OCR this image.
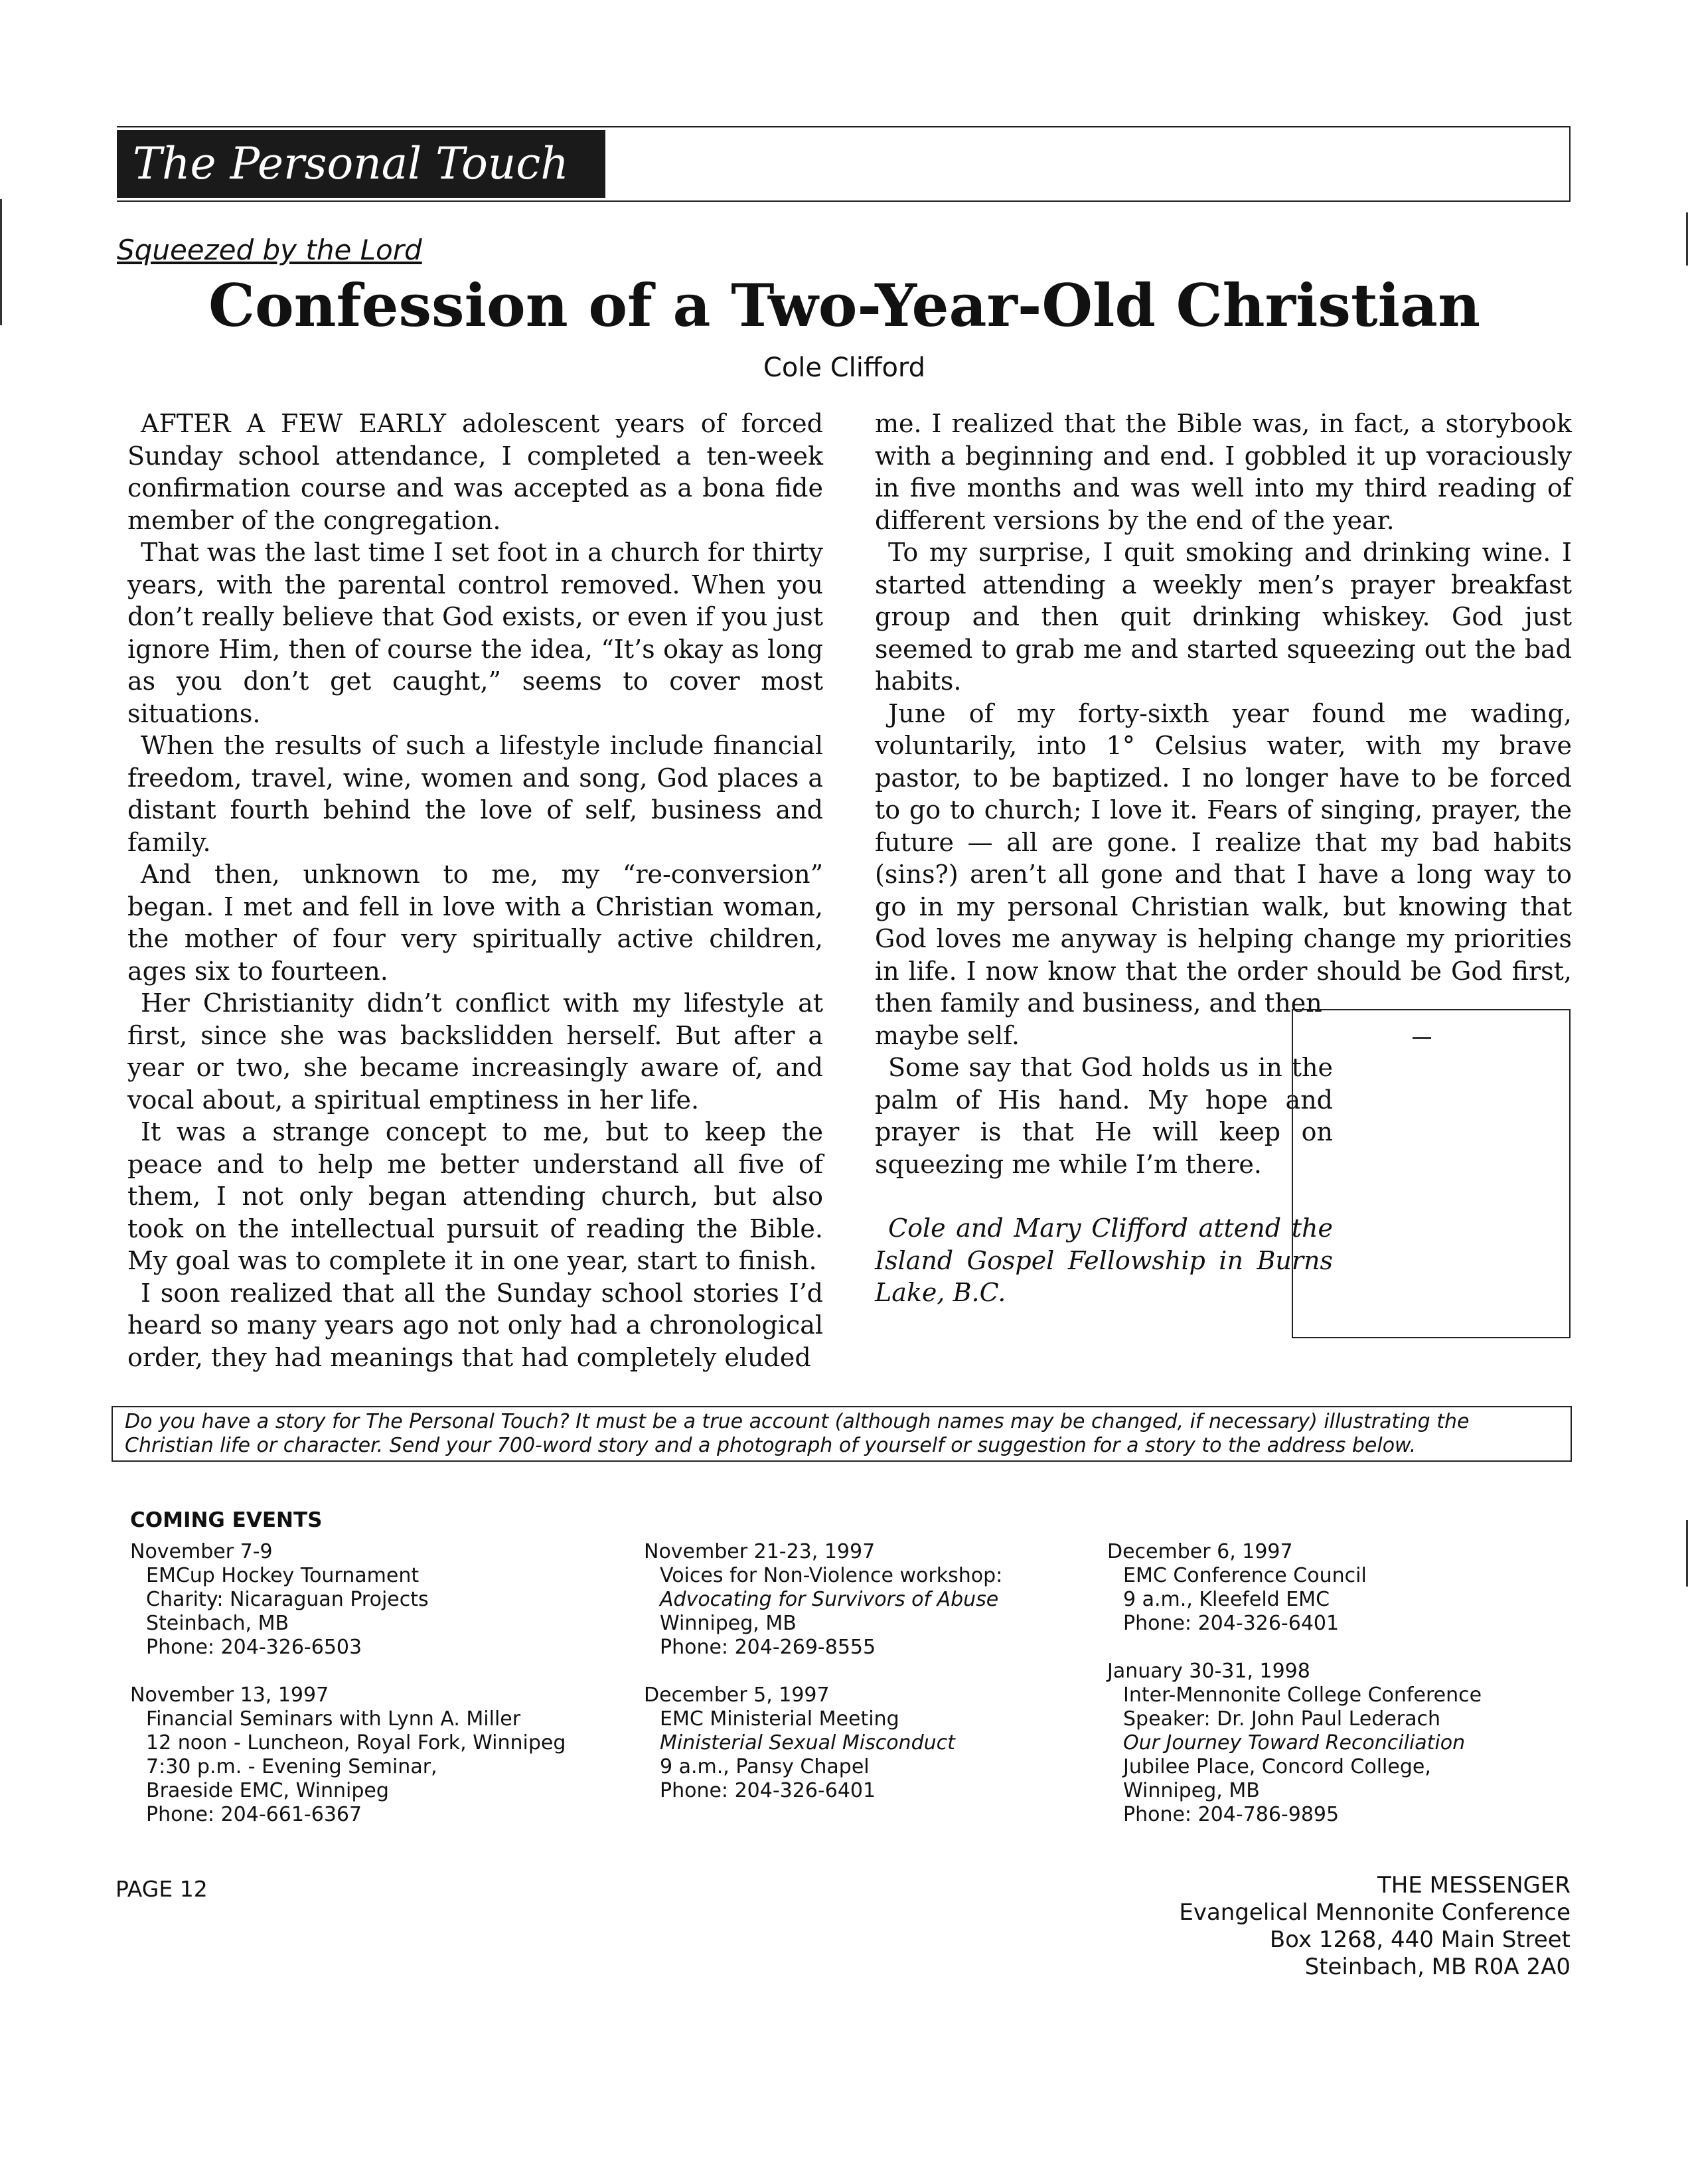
The Personal Touch
Squeezed by the Lord
Confession of a Two-Year-Old Christian
Cole Clifford

AFTER A FEW EARLY adolescent years of forced Sunday school attendance, I completed a ten-week confirmation course and was accepted as a bona fide member of the congregation.

That was the last time I set foot in a church for thirty years, with the parental control removed. When you don’t really believe that God exists, or even if you just ignore Him, then of course the idea, “It’s okay as long as you don’t get caught,” seems to cover most situations.

When the results of such a lifestyle include financial freedom, travel, wine, women and song, God places a distant fourth behind the love of self, business and family.

And then, unknown to me, my “re-conversion” began. I met and fell in love with a Christian woman, the mother of four very spiritually active children, ages six to fourteen.

Her Christianity didn’t conflict with my lifestyle at first, since she was backslidden herself. But after a year or two, she became increasingly aware of, and vocal about, a spiritual emptiness in her life.

It was a strange concept to me, but to keep the peace and to help me better understand all five of them, I not only began attending church, but also took on the intellectual pursuit of reading the Bible. My goal was to complete it in one year, start to finish.

I soon realized that all the Sunday school stories I’d heard so many years ago not only had a chronological order, they had meanings that had completely eluded

me. I realized that the Bible was, in fact, a storybook with a beginning and end. I gobbled it up voraciously in five months and was well into my third reading of different versions by the end of the year.

To my surprise, I quit smoking and drinking wine. I started attending a weekly men’s prayer breakfast group and then quit drinking whiskey. God just seemed to grab me and started squeezing out the bad habits.

June of my forty-sixth year found me wading, voluntarily, into 1° Celsius water, with my brave pastor, to be baptized. I no longer have to be forced to go to church; I love it. Fears of singing, prayer, the future — all are gone. I realize that my bad habits (sins?) aren’t all gone and that I have a long way to go in my personal Christian walk, but knowing that God loves me anyway is helping change my priorities in life. I now know that the order should be God first, then family and business, and then

maybe self.

Some say that God holds us in the palm of His hand. My hope and prayer is that He will keep on squeezing me while I’m there.

Cole and Mary Clifford attend the Island Gospel Fellowship in Burns Lake, B.C.

Do you have a story for The Personal Touch? It must be a true account (although names may be changed, if necessary) illustrating the Christian life or character. Send your 700-word story and a photograph of yourself or suggestion for a story to the address below.
COMING EVENTS
November 7-9
EMCup Hockey Tournament
Charity: Nicaraguan Projects
Steinbach, MB
Phone: 204-326-6503
November 13, 1997
Financial Seminars with Lynn A. Miller
12 noon - Luncheon, Royal Fork, Winnipeg
7:30 p.m. - Evening Seminar,
Braeside EMC, Winnipeg
Phone: 204-661-6367
November 21-23, 1997
Voices for Non-Violence workshop:
Advocating for Survivors of Abuse
Winnipeg, MB
Phone: 204-269-8555
December 5, 1997
EMC Ministerial Meeting
Ministerial Sexual Misconduct
9 a.m., Pansy Chapel
Phone: 204-326-6401
December 6, 1997
EMC Conference Council
9 a.m., Kleefeld EMC
Phone: 204-326-6401
January 30-31, 1998
Inter-Mennonite College Conference
Speaker: Dr. John Paul Lederach
Our Journey Toward Reconciliation
Jubilee Place, Concord College,
Winnipeg, MB
Phone: 204-786-9895
PAGE 12	THE MESSENGER
Evangelical Mennonite Conference
Box 1268, 440 Main Street
Steinbach, MB R0A 2A0
